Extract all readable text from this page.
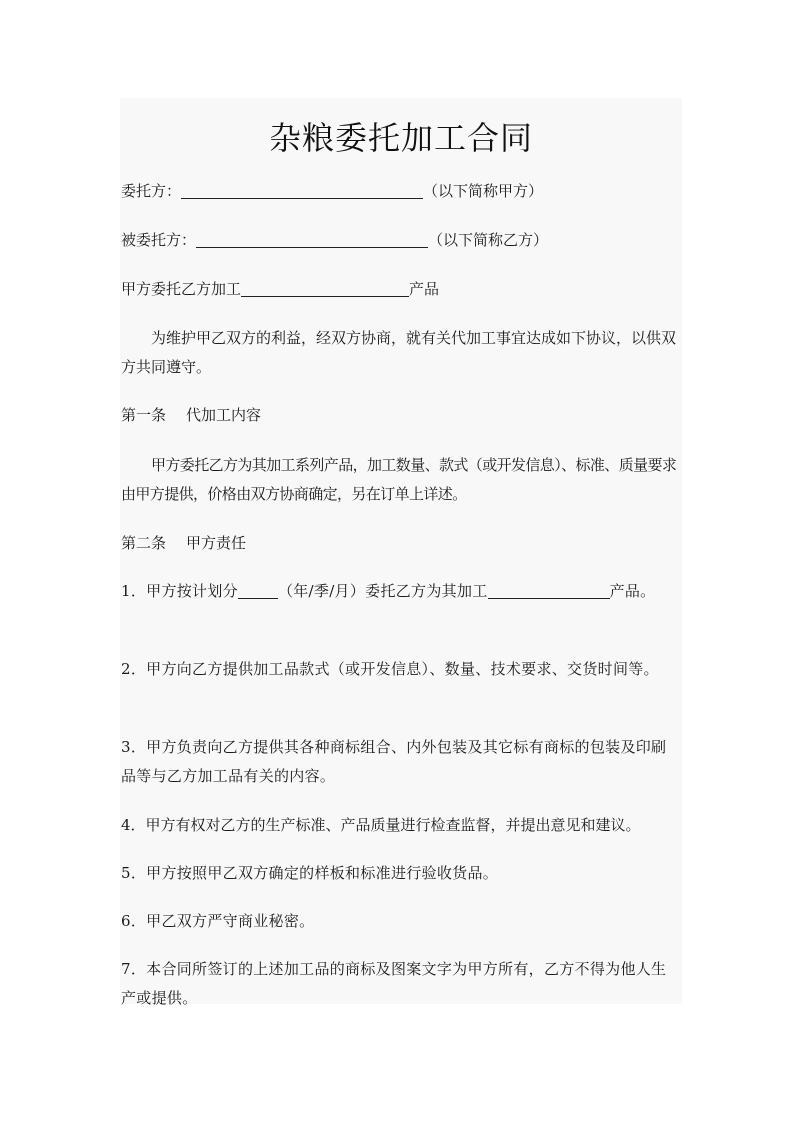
杂粮委托加工合同
委托方：	（以下简称甲方）
被委托方：	（以下简称乙方）
甲方委托乙方加工	产品
为维护甲乙双方的利益，经双方协商，就有关代加工事宜达成如下协议，以供双方共同遵守。
第一条 代加工内容
甲方委托乙方为其加工系列产品，加工数量、款式（或开发信息）、标准、质量要求由甲方提供，价格由双方协商确定，另在订单上详述。
第二条 甲方责任
1．甲方按计划分	（年/季/月）委托乙方为其加工	产品。
2．甲方向乙方提供加工品款式（或开发信息）、数量、技术要求、交货时间等。
3．甲方负责向乙方提供其各种商标组合、内外包装及其它标有商标的包装及印刷品等与乙方加工品有关的内容。
4．甲方有权对乙方的生产标准、产品质量进行检查监督，并提出意见和建议。
5．甲方按照甲乙双方确定的样板和标准进行验收货品。
6．甲乙双方严守商业秘密。
7．本合同所签订的上述加工品的商标及图案文字为甲方所有，乙方不得为他人生产或提供。
